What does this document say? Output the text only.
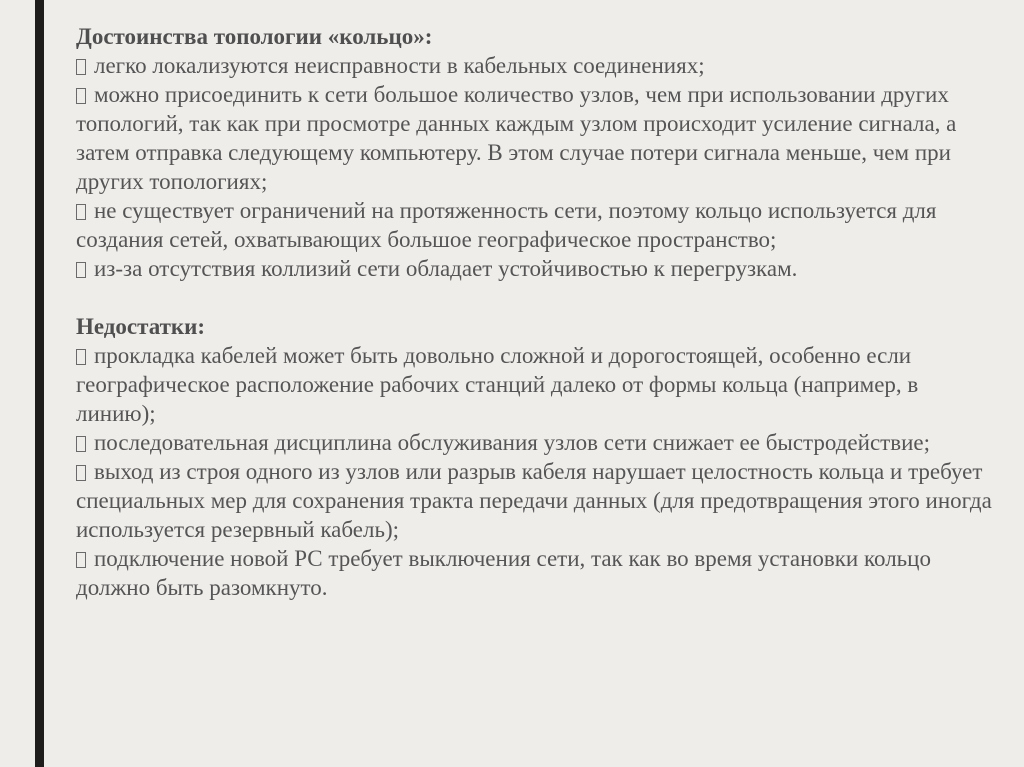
Достоинства топологии «кольцо»:
легко локализуются неисправности в кабельных соединениях;
можно присоединить к сети большое количество узлов, чем при использовании других топологий, так как при просмотре данных каждым узлом происходит усиление сигнала, а затем отправка следующему компьютеру. В этом случае потери сигнала меньше, чем при других топологиях;
не существует ограничений на протяженность сети, поэтому кольцо используется для создания сетей, охватывающих большое географическое пространство;
из-за отсутствия коллизий сети обладает устойчивостью к перегрузкам.
Недостатки:
прокладка кабелей может быть довольно сложной и дорогостоящей, особенно если географическое расположение рабочих станций далеко от формы кольца (например, в линию);
последовательная дисциплина обслуживания узлов сети снижает ее быстродействие;
выход из строя одного из узлов или разрыв кабеля нарушает целостность кольца и требует специальных мер для сохранения тракта передачи данных (для предотвращения этого иногда используется резервный кабель);
подключение новой РС требует выключения сети, так как во время установки кольцо должно быть разомкнуто.
